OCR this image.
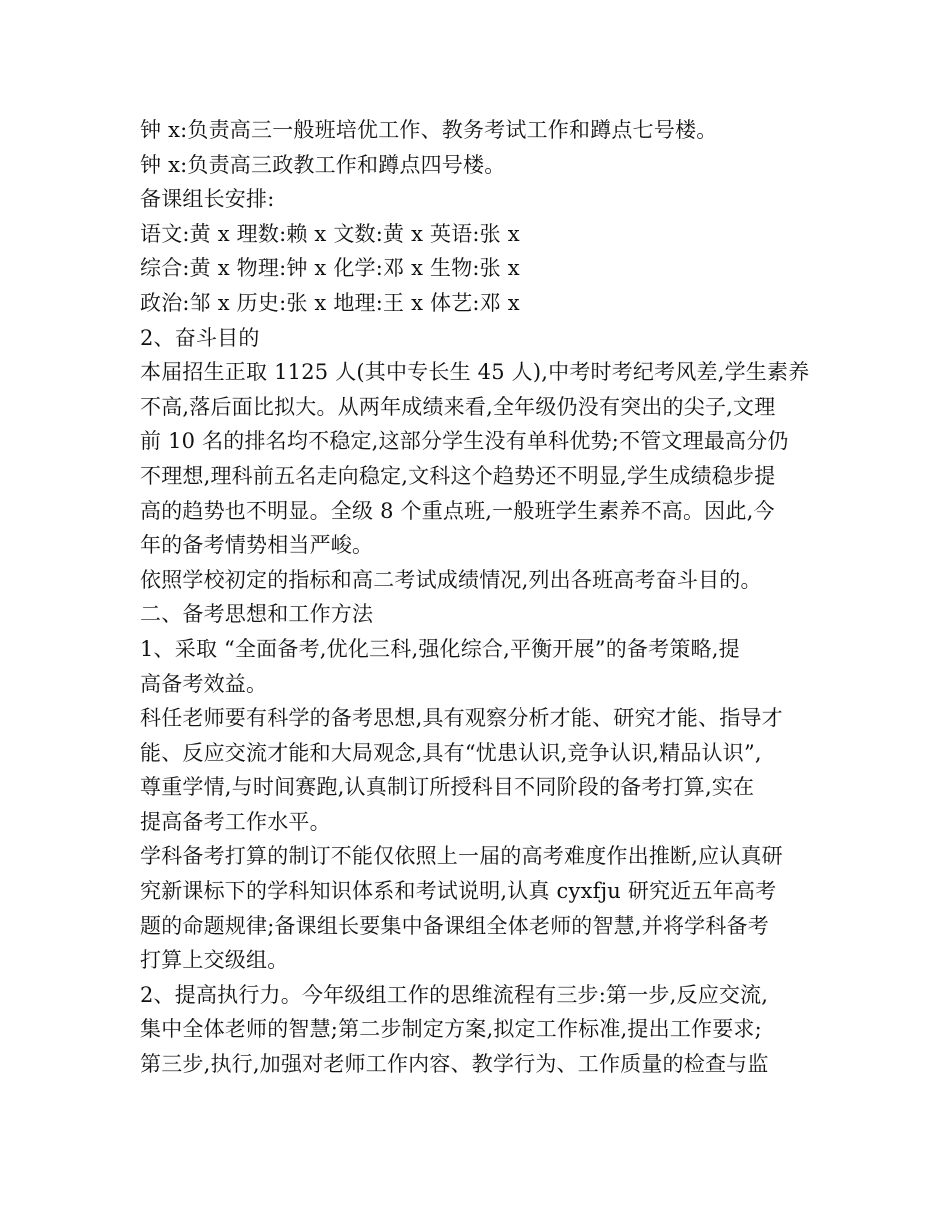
钟 x:负责高三一般班培优工作、教务考试工作和蹲点七号楼。
钟 x:负责高三政教工作和蹲点四号楼。
备课组长安排:
语文:黄 x 理数:赖 x 文数:黄 x 英语:张 x
综合:黄 x 物理:钟 x 化学:邓 x 生物:张 x
政治:邹 x 历史:张 x 地理:王 x 体艺:邓 x
2、奋斗目的
本届招生正取 1125 人(其中专长生 45 人),中考时考纪考风差,学生素养
不高,落后面比拟大。从两年成绩来看,全年级仍没有突出的尖子,文理
前 10 名的排名均不稳定,这部分学生没有单科优势;不管文理最高分仍
不理想,理科前五名走向稳定,文科这个趋势还不明显,学生成绩稳步提
高的趋势也不明显。全级 8 个重点班,一般班学生素养不高。因此,今
年的备考情势相当严峻。
依照学校初定的指标和高二考试成绩情况,列出各班高考奋斗目的。
二、备考思想和工作方法
1、采取 “全面备考,优化三科,强化综合,平衡开展”的备考策略,提
高备考效益。
科任老师要有科学的备考思想,具有观察分析才能、研究才能、指导才
能、反应交流才能和大局观念,具有“忧患认识,竞争认识,精品认识”,
尊重学情,与时间赛跑,认真制订所授科目不同阶段的备考打算,实在
提高备考工作水平。
学科备考打算的制订不能仅依照上一届的高考难度作出推断,应认真研
究新课标下的学科知识体系和考试说明,认真 cyxfju 研究近五年高考
题的命题规律;备课组长要集中备课组全体老师的智慧,并将学科备考
打算上交级组。
2、提高执行力。今年级组工作的思维流程有三步:第一步,反应交流,
集中全体老师的智慧;第二步制定方案,拟定工作标准,提出工作要求;
第三步,执行,加强对老师工作内容、教学行为、工作质量的检查与监
